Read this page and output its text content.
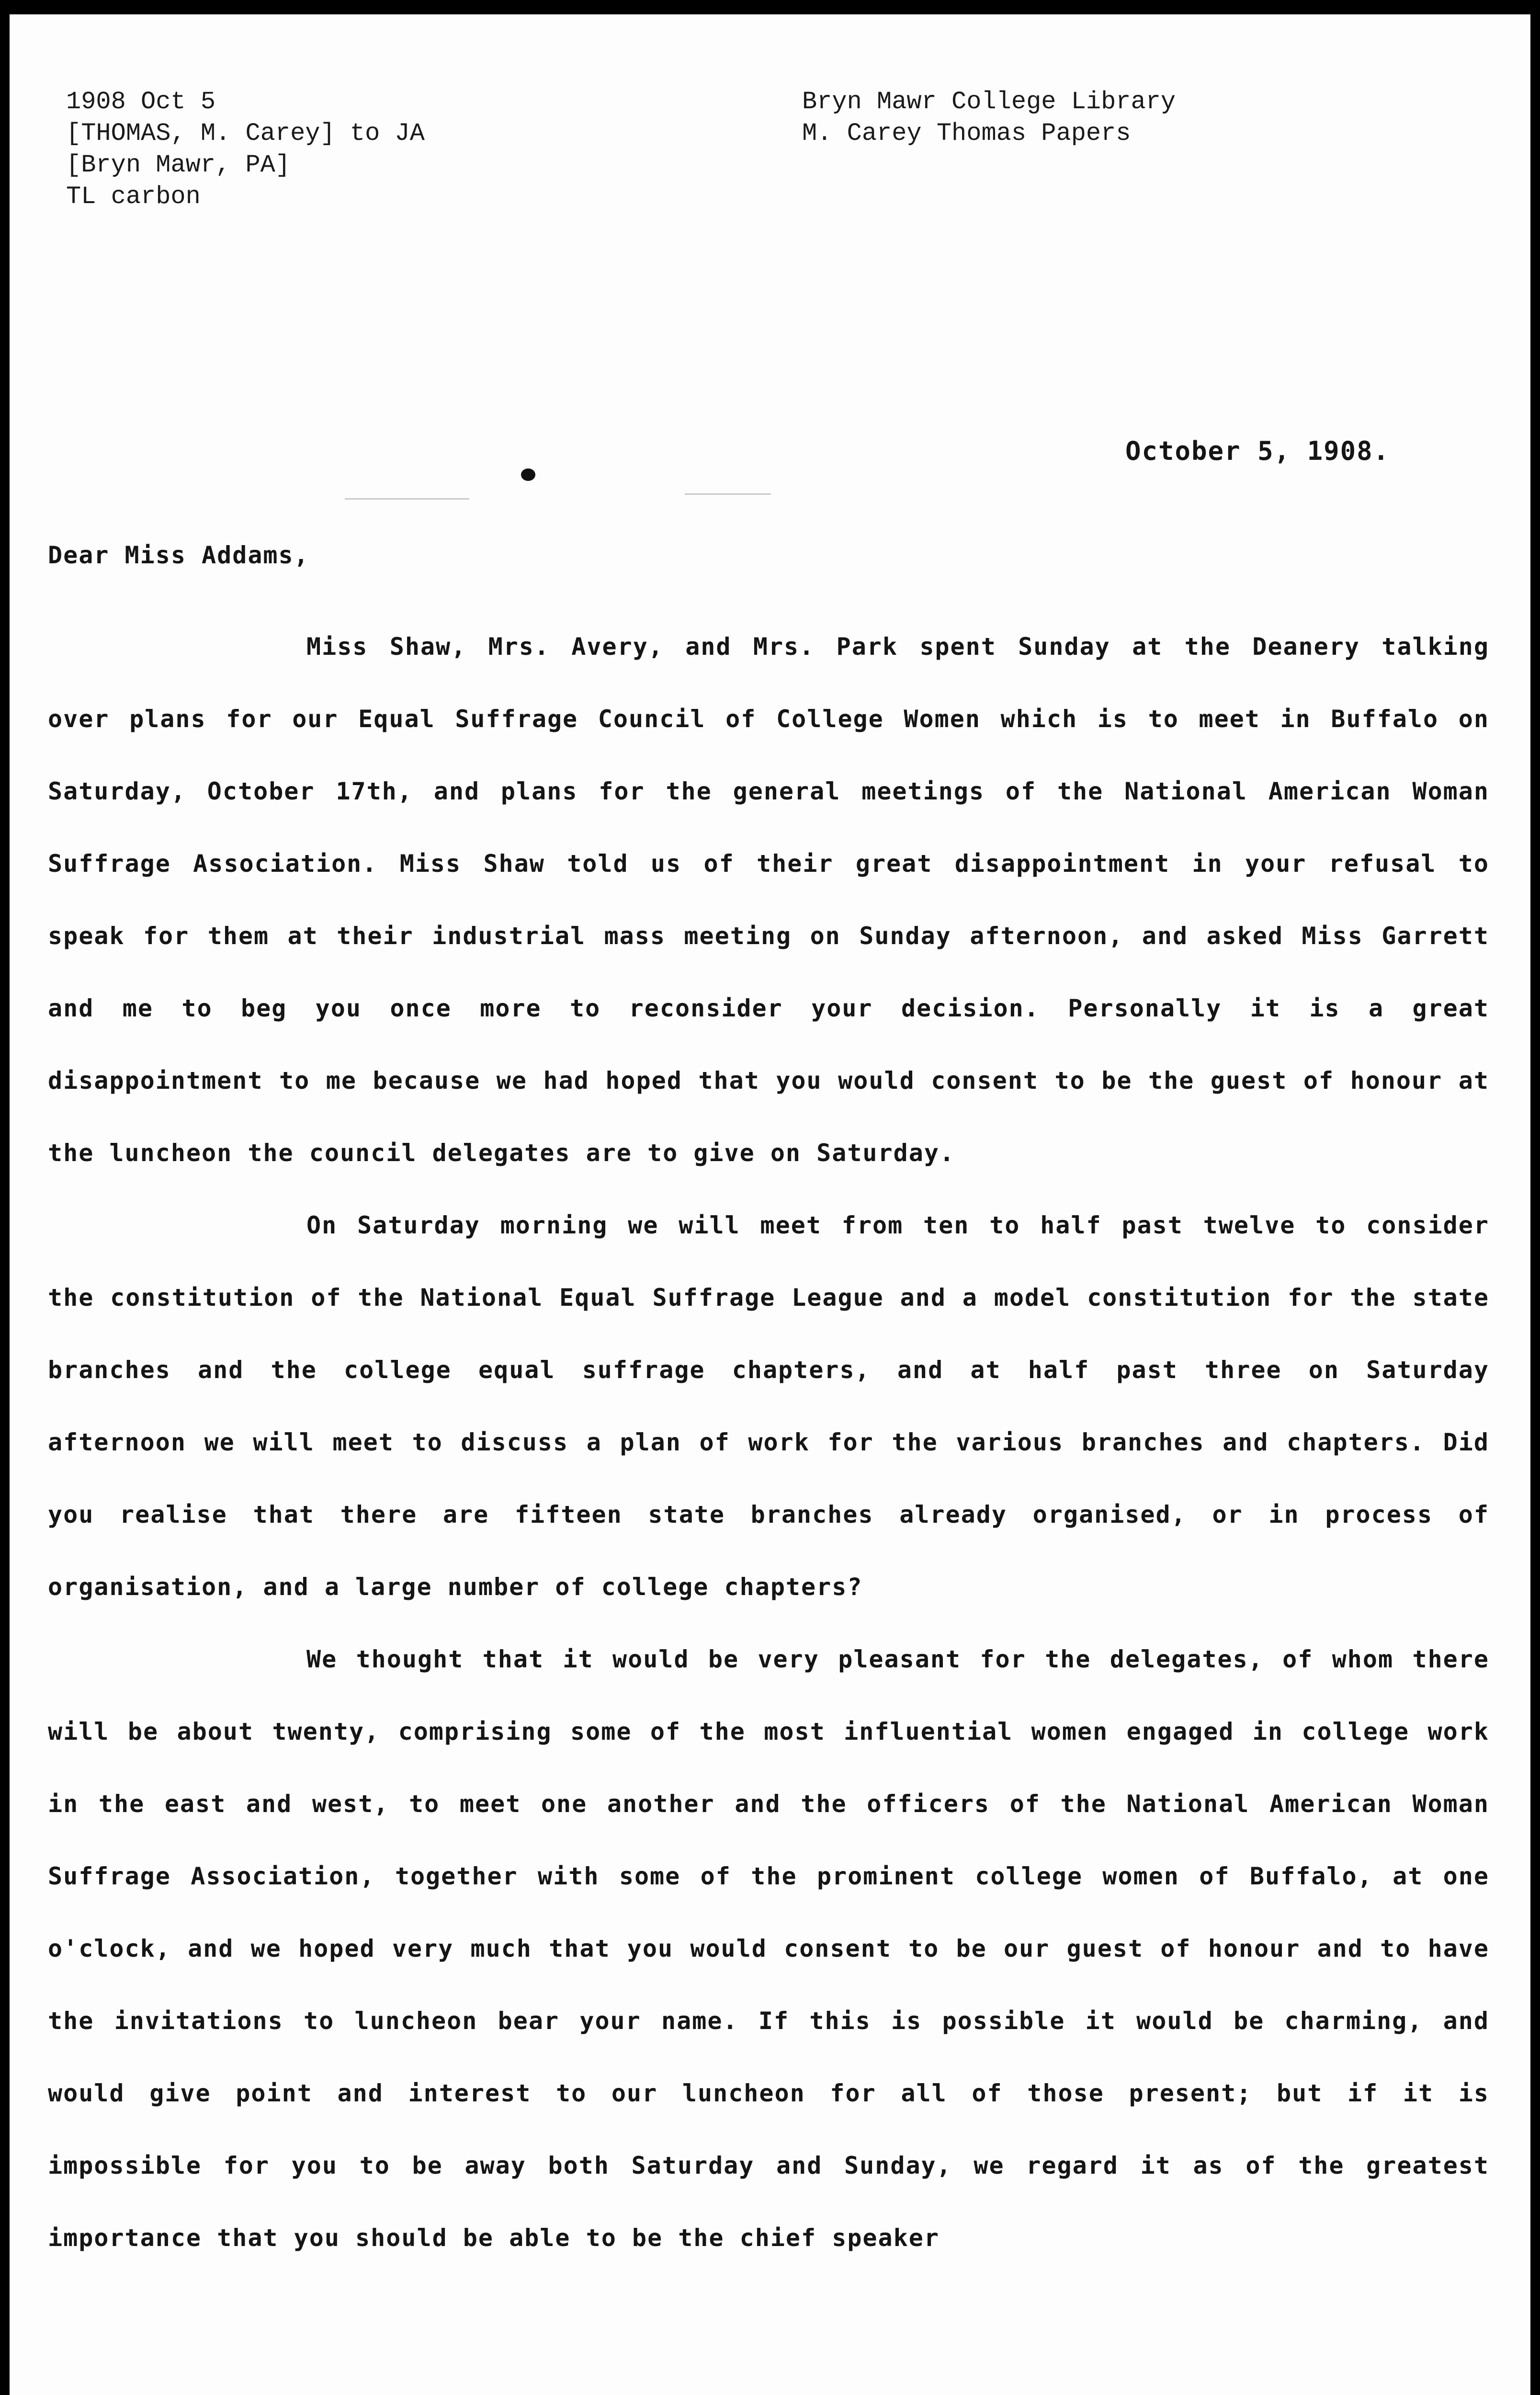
1908 Oct 5
[THOMAS, M. Carey] to JA
[Bryn Mawr, PA]
TL carbon
Bryn Mawr College Library
M. Carey Thomas Papers
October 5, 1908.
Dear Miss Addams,

Miss Shaw, Mrs. Avery, and Mrs. Park spent Sunday at the Deanery talking over plans for our Equal Suffrage Council of College Women which is to meet in Buffalo on Saturday, October 17th, and plans for the general meetings of the National American Woman Suffrage Association. Miss Shaw told us of their great disappointment in your refusal to speak for them at their industrial mass meeting on Sunday afternoon, and asked Miss Garrett and me to beg you once more to reconsider your decision. Personally it is a great disappointment to me because we had hoped that you would consent to be the guest of honour at the luncheon the council delegates are to give on Saturday.

On Saturday morning we will meet from ten to half past twelve to consider the constitution of the National Equal Suffrage League and a model constitution for the state branches and the college equal suffrage chapters, and at half past three on Saturday afternoon we will meet to discuss a plan of work for the various branches and chapters. Did you realise that there are fifteen state branches already organised, or in process of organisation, and a large number of college chapters?

We thought that it would be very pleasant for the delegates, of whom there will be about twenty, comprising some of the most influential women engaged in college work in the east and west, to meet one another and the officers of the National American Woman Suffrage Association, together with some of the prominent college women of Buffalo, at one o'clock, and we hoped very much that you would consent to be our guest of honour and to have the invitations to luncheon bear your name. If this is possible it would be charming, and would give point and interest to our luncheon for all of those present; but if it is impossible for you to be away both Saturday and Sunday, we regard it as of the greatest importance that you should be able to be the chief speaker
